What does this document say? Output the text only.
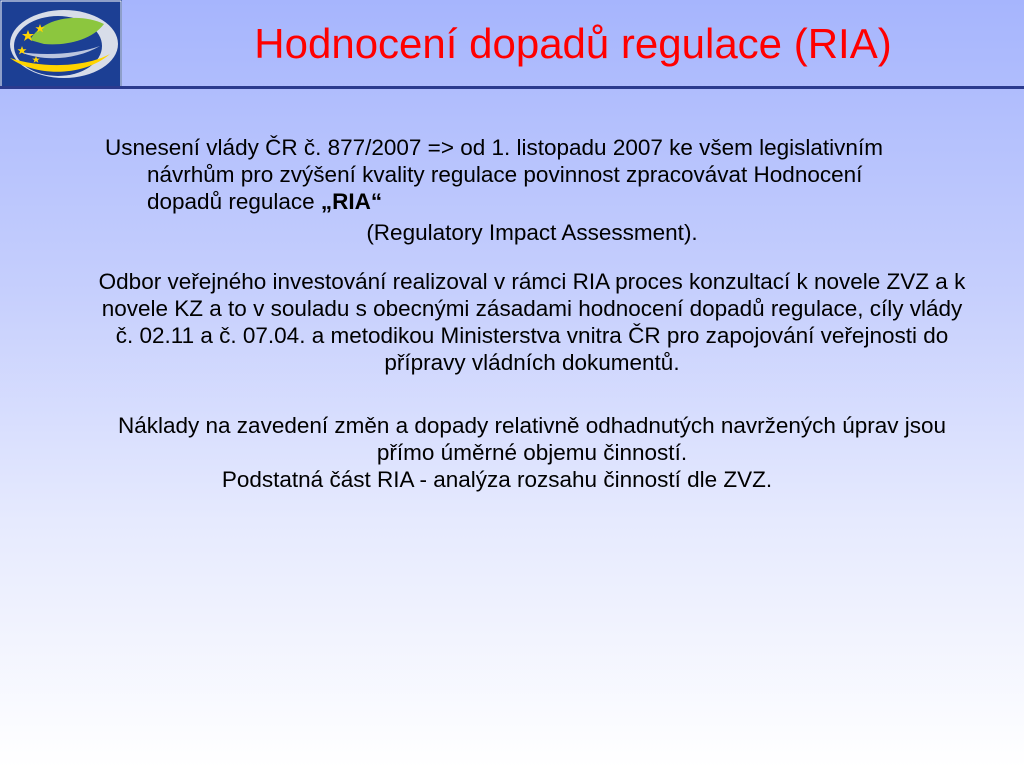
Hodnocení dopadů regulace (RIA)

Usnesení vlády ČR č. 877/2007 => od 1. listopadu 2007 ke všem legislativním návrhům pro zvýšení kvality regulace povinnost zpracovávat Hodnocení dopadů regulace „RIA“

(Regulatory Impact Assessment).

Odbor veřejného investování realizoval v rámci RIA proces konzultací k novele ZVZ a k novele KZ a to v souladu s obecnými zásadami hodnocení dopadů regulace, cíly vlády č. 02.11 a č. 07.04. a metodikou Ministerstva vnitra ČR pro zapojování veřejnosti do přípravy vládních dokumentů.

Náklady na zavedení změn a dopady relativně odhadnutých navržených úprav jsou přímo úměrné objemu činností.

Podstatná část RIA - analýza rozsahu činností dle ZVZ.
